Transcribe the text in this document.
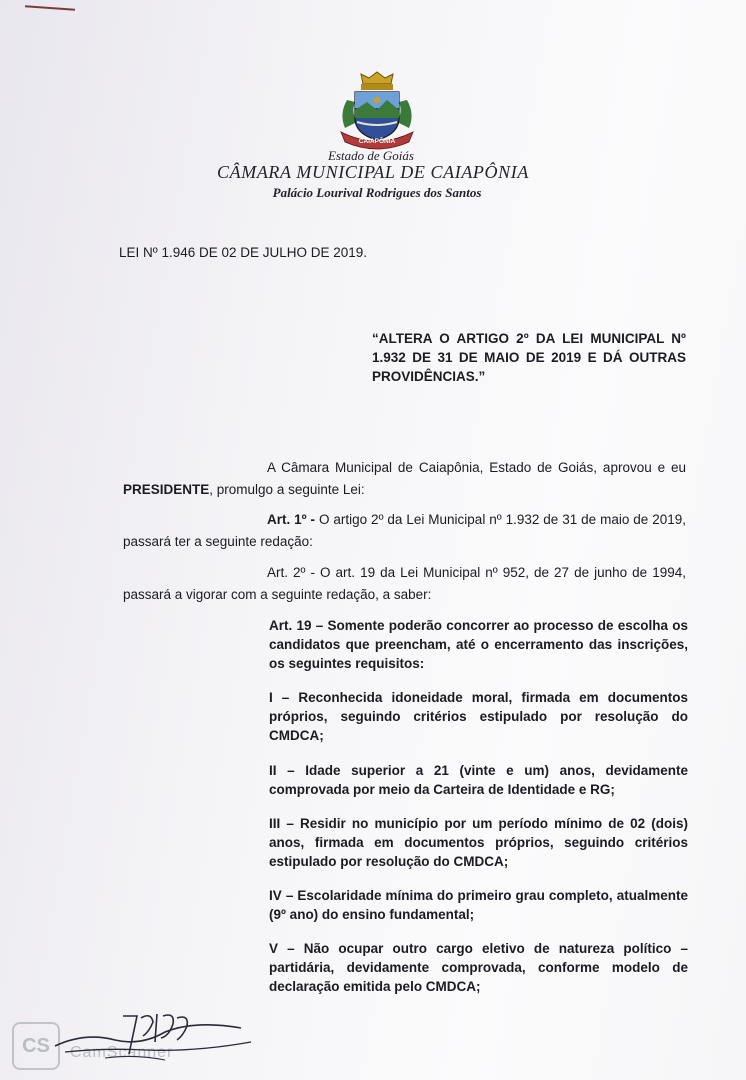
CAIAPÔNIA
Estado de Goiás
CÂMARA MUNICIPAL DE CAIAPÔNIA
Palácio Lourival Rodrigues dos Santos
LEI Nº 1.946 DE 02 DE JULHO DE 2019.
“ALTERA O ARTIGO 2º DA LEI MUNICIPAL Nº 1.932 DE 31 DE MAIO DE 2019 E DÁ OUTRAS PROVIDÊNCIAS.”
A Câmara Municipal de Caiapônia, Estado de Goiás, aprovou e eu PRESIDENTE, promulgo a seguinte Lei:
Art. 1º - O artigo 2º da Lei Municipal nº 1.932 de 31 de maio de 2019, passará ter a seguinte redação:
Art. 2º - O art. 19 da Lei Municipal nº 952, de 27 de junho de 1994, passará a vigorar com a seguinte redação, a saber:
Art. 19 – Somente poderão concorrer ao processo de escolha os candidatos que preencham, até o encerramento das inscrições, os seguintes requisitos:
I – Reconhecida idoneidade moral, firmada em documentos próprios, seguindo critérios estipulado por resolução do CMDCA;
II – Idade superior a 21 (vinte e um) anos, devidamente comprovada por meio da Carteira de Identidade e RG;
III – Residir no município por um período mínimo de 02 (dois) anos, firmada em documentos próprios, seguindo critérios estipulado por resolução do CMDCA;
IV – Escolaridade mínima do primeiro grau completo, atualmente (9º ano) do ensino fundamental;
V – Não ocupar outro cargo eletivo de natureza político – partidária, devidamente comprovada, conforme modelo de declaração emitida pelo CMDCA;
CS	CamScanner
